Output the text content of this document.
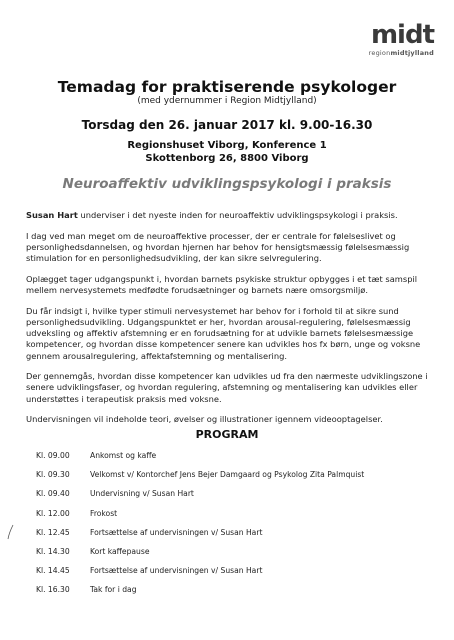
midt
regionmidtjylland
Temadag for praktiserende psykologer
(med ydernummer i Region Midtjylland)
Torsdag den 26. januar 2017 kl. 9.00-16.30
Regionshuset Viborg, Konference 1
Skottenborg 26, 8800 Viborg
Neuroaffektiv udviklingspsykologi i praksis

Susan Hart underviser i det nyeste inden for neuroaffektiv udviklingspsykologi i praksis.

I dag ved man meget om de neuroaffektive processer, der er centrale for følelseslivet og personlighedsdannelsen, og hvordan hjernen har behov for hensigtsmæssig følelsesmæssig stimulation for en personlighedsudvikling, der kan sikre selvregulering.

Oplægget tager udgangspunkt i, hvordan barnets psykiske struktur opbygges i et tæt samspil mellem nervesystemets medfødte forudsætninger og barnets nære omsorgsmiljø.

Du får indsigt i, hvilke typer stimuli nervesystemet har behov for i forhold til at sikre sund personlighedsudvikling. Udgangspunktet er her, hvordan arousal-regulering, følelsesmæssig udveksling og affektiv afstemning er en forudsætning for at udvikle barnets følelsesmæssige kompetencer, og hvordan disse kompetencer senere kan udvikles hos fx børn, unge og voksne gennem arousalregulering, affektafstemning og mentalisering.

Der gennemgås, hvordan disse kompetencer kan udvikles ud fra den nærmeste udviklingszone i senere udviklingsfaser, og hvordan regulering, afstemning og mentalisering kan udvikles eller understøttes i terapeutisk praksis med voksne.

Undervisningen vil indeholde teori, øvelser og illustrationer igennem videooptagelser.

PROGRAM
Kl. 09.00	Ankomst og kaffe
Kl. 09.30	Velkomst v/ Kontorchef Jens Bejer Damgaard og Psykolog Zita Palmquist
Kl. 09.40	Undervisning v/ Susan Hart
Kl. 12.00	Frokost
Kl. 12.45	Fortsættelse af undervisningen v/ Susan Hart
Kl. 14.30	Kort kaffepause
Kl. 14.45	Fortsættelse af undervisningen v/ Susan Hart
Kl. 16.30	Tak for i dag
